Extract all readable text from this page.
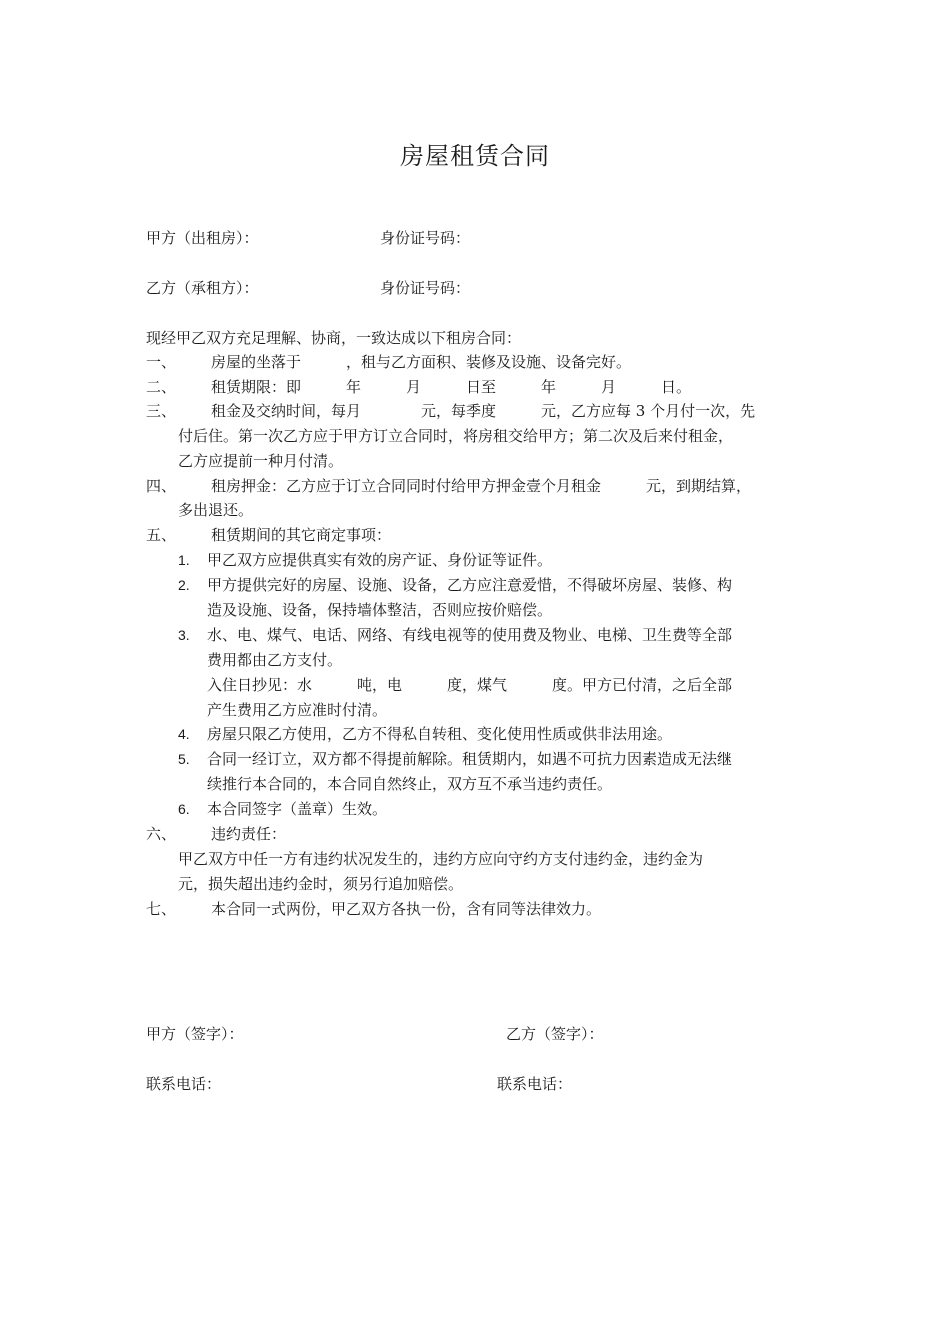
房屋租赁合同
甲方（出租房）：	身份证号码：
乙方（承租方）：	身份证号码：
现经甲乙双方充足理解、协商，一致达成以下租房合同：
一、 房屋的坐落于　　　，租与乙方面积、装修及设施、设备完好。
二、 租赁期限：即　　　年　　　月　　　日至　　　年　　　月　　　日。
三、 租金及交纳时间，每月　　　　元，每季度　　　元，乙方应每 3 个月付一次，先
付后住。第一次乙方应于甲方订立合同时，将房租交给甲方；第二次及后来付租金，
乙方应提前一种月付清。
四、 租房押金：乙方应于订立合同同时付给甲方押金壹个月租金　　　元，到期结算，
多出退还。
五、 租赁期间的其它商定事项：
1. 甲乙双方应提供真实有效的房产证、身份证等证件。
2. 甲方提供完好的房屋、设施、设备，乙方应注意爱惜，不得破坏房屋、装修、构
造及设施、设备，保持墙体整洁，否则应按价赔偿。
3. 水、电、煤气、电话、网络、有线电视等的使用费及物业、电梯、卫生费等全部
费用都由乙方支付。
入住日抄见：水　　　吨，电　　　度，煤气　　　度。甲方已付清，之后全部
产生费用乙方应准时付清。
4. 房屋只限乙方使用，乙方不得私自转租、变化使用性质或供非法用途。
5. 合同一经订立，双方都不得提前解除。租赁期内，如遇不可抗力因素造成无法继
续推行本合同的，本合同自然终止，双方互不承当违约责任。
6. 本合同签字（盖章）生效。
六、 违约责任：
甲乙双方中任一方有违约状况发生的，违约方应向守约方支付违约金，违约金为
元，损失超出违约金时，须另行追加赔偿。
七、 本合同一式两份，甲乙双方各执一份，含有同等法律效力。
甲方（签字）：	乙方（签字）：
联系电话：	联系电话：
